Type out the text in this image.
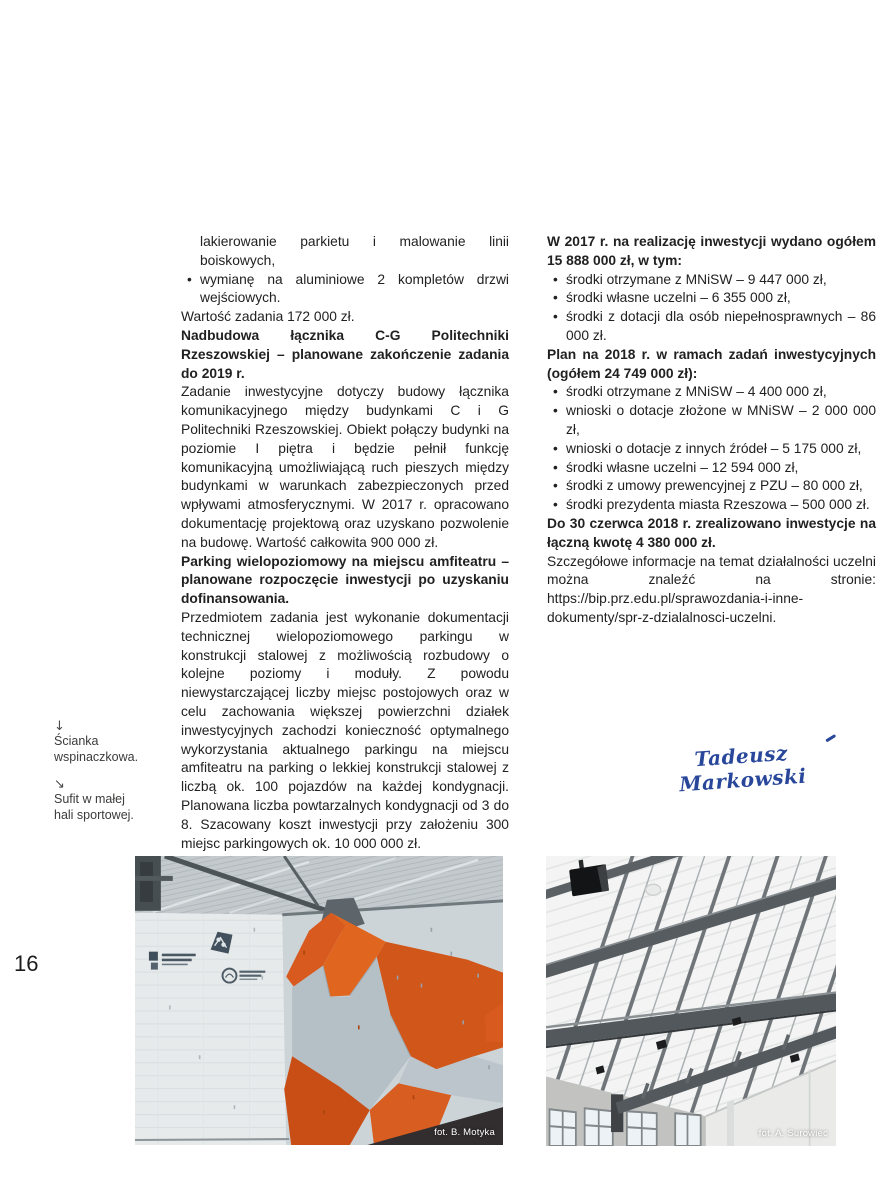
16
↓
Ścianka
wspinaczkowa.
↘
Sufit w małej
hali sportowej.
lakierowanie parkietu i malowanie linii boiskowych,
• wymianę na aluminiowe 2 kompletów drzwi wejściowych.

Wartość zadania 172 000 zł.

Nadbudowa łącznika C-G Politechniki Rzeszowskiej – planowane zakończenie zadania do 2019 r.

Zadanie inwestycyjne dotyczy budowy łącznika komunikacyjnego między budynkami C i G Politechniki Rzeszowskiej. Obiekt połączy budynki na poziomie I piętra i będzie pełnił funkcję komunikacyjną umożliwiającą ruch pieszych między budynkami w warunkach zabezpieczonych przed wpływami atmosferycznymi. W 2017 r. opracowano dokumentację projektową oraz uzyskano pozwolenie na budowę. Wartość całkowita 900 000 zł.

Parking wielopoziomowy na miejscu amfiteatru – planowane rozpoczęcie inwestycji po uzyskaniu dofinansowania.

Przedmiotem zadania jest wykonanie dokumentacji technicznej wielopoziomowego parkingu w konstrukcji stalowej z możliwością rozbudowy o kolejne poziomy i moduły. Z powodu niewystarczającej liczby miejsc postojowych oraz w celu zachowania większej powierzchni działek inwestycyjnych zachodzi konieczność optymalnego wykorzystania aktualnego parkingu na miejscu amfiteatru na parking o lekkiej konstrukcji stalowej z liczbą ok. 100 pojazdów na każdej kondygnacji. Planowana liczba powtarzalnych kondygnacji od 3 do 8. Szacowany koszt inwestycji przy założeniu 300 miejsc parkingowych ok. 10 000 000 zł.

W 2017 r. na realizację inwestycji wydano ogółem 15 888 000 zł, w tym:

• środki otrzymane z MNiSW – 9 447 000 zł,
• środki własne uczelni – 6 355 000 zł,
• środki z dotacji dla osób niepełnosprawnych – 86 000 zł.

Plan na 2018 r. w ramach zadań inwestycyjnych (ogółem 24 749 000 zł):

• środki otrzymane z MNiSW – 4 400 000 zł,
• wnioski o dotacje złożone w MNiSW – 2 000 000 zł,
• wnioski o dotacje z innych źródeł – 5 175 000 zł,
• środki własne uczelni – 12 594 000 zł,
• środki z umowy prewencyjnej z PZU – 80 000 zł,
• środki prezydenta miasta Rzeszowa – 500 000 zł.

Do 30 czerwca 2018 r. zrealizowano inwestycje na łączną kwotę 4 380 000 zł.

Szczegółowe informacje na temat działalności uczelni można znaleźć na stronie: https://bip.prz.edu.pl/sprawozdania-i-inne-dokumenty/spr-z-dzialalnosci-uczelni.

Tadeusz Markowski
fot. B. Motyka	fot. A. Surowiec
